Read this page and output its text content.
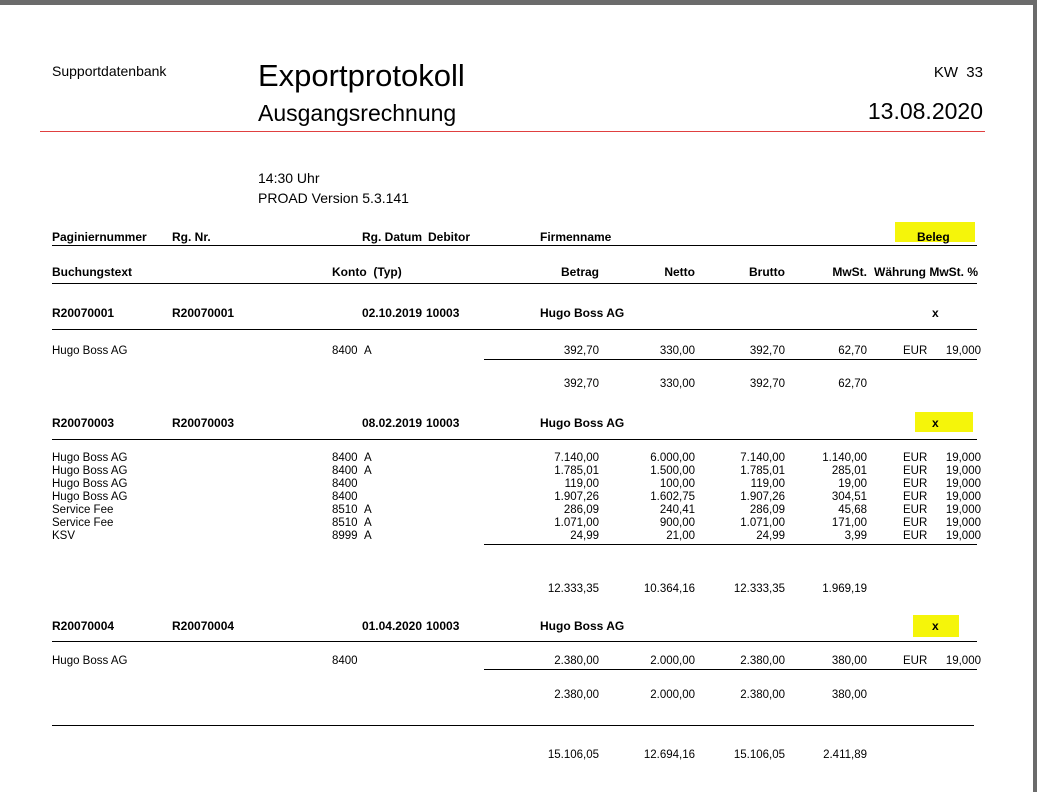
Supportdatenbank	Exportprotokoll
Ausgangsrechnung
KW  33
13.08.2020
14:30 Uhr
PROAD Version 5.3.141
Paginiernummer Rg. Nr.	Rg. Datum Debitor	Firmenname	Beleg
Buchungstext	Konto  (Typ)	Betrag	Netto	Brutto	MwSt. Währung MwSt. %
R20070001	R20070001	02.10.2019 10003	Hugo Boss AG	x
Hugo Boss AG	8400 A	392,70	330,00	392,70	62,70	EUR 19,000
392,70	330,00	392,70	62,70
R20070003	R20070003	08.02.2019 10003	Hugo Boss AG	x
Hugo Boss AG	8400 A	7.140,00	6.000,00	7.140,00	1.140,00	EUR 19,000
Hugo Boss AG	8400 A	1.785,01	1.500,00	1.785,01	285,01	EUR 19,000
Hugo Boss AG	8400	119,00	100,00	119,00	19,00	EUR 19,000
Hugo Boss AG	8400	1.907,26	1.602,75	1.907,26	304,51	EUR 19,000
Service Fee	8510 A	286,09	240,41	286,09	45,68	EUR 19,000
Service Fee	8510 A	1.071,00	900,00	1.071,00	171,00	EUR 19,000
KSV	8999 A	24,99	21,00	24,99	3,99	EUR 19,000
12.333,35	10.364,16	12.333,35	1.969,19
R20070004	R20070004	01.04.2020 10003	Hugo Boss AG	x
Hugo Boss AG	8400	2.380,00	2.000,00	2.380,00	380,00	EUR 19,000
2.380,00	2.000,00	2.380,00	380,00
15.106,05	12.694,16	15.106,05	2.411,89
